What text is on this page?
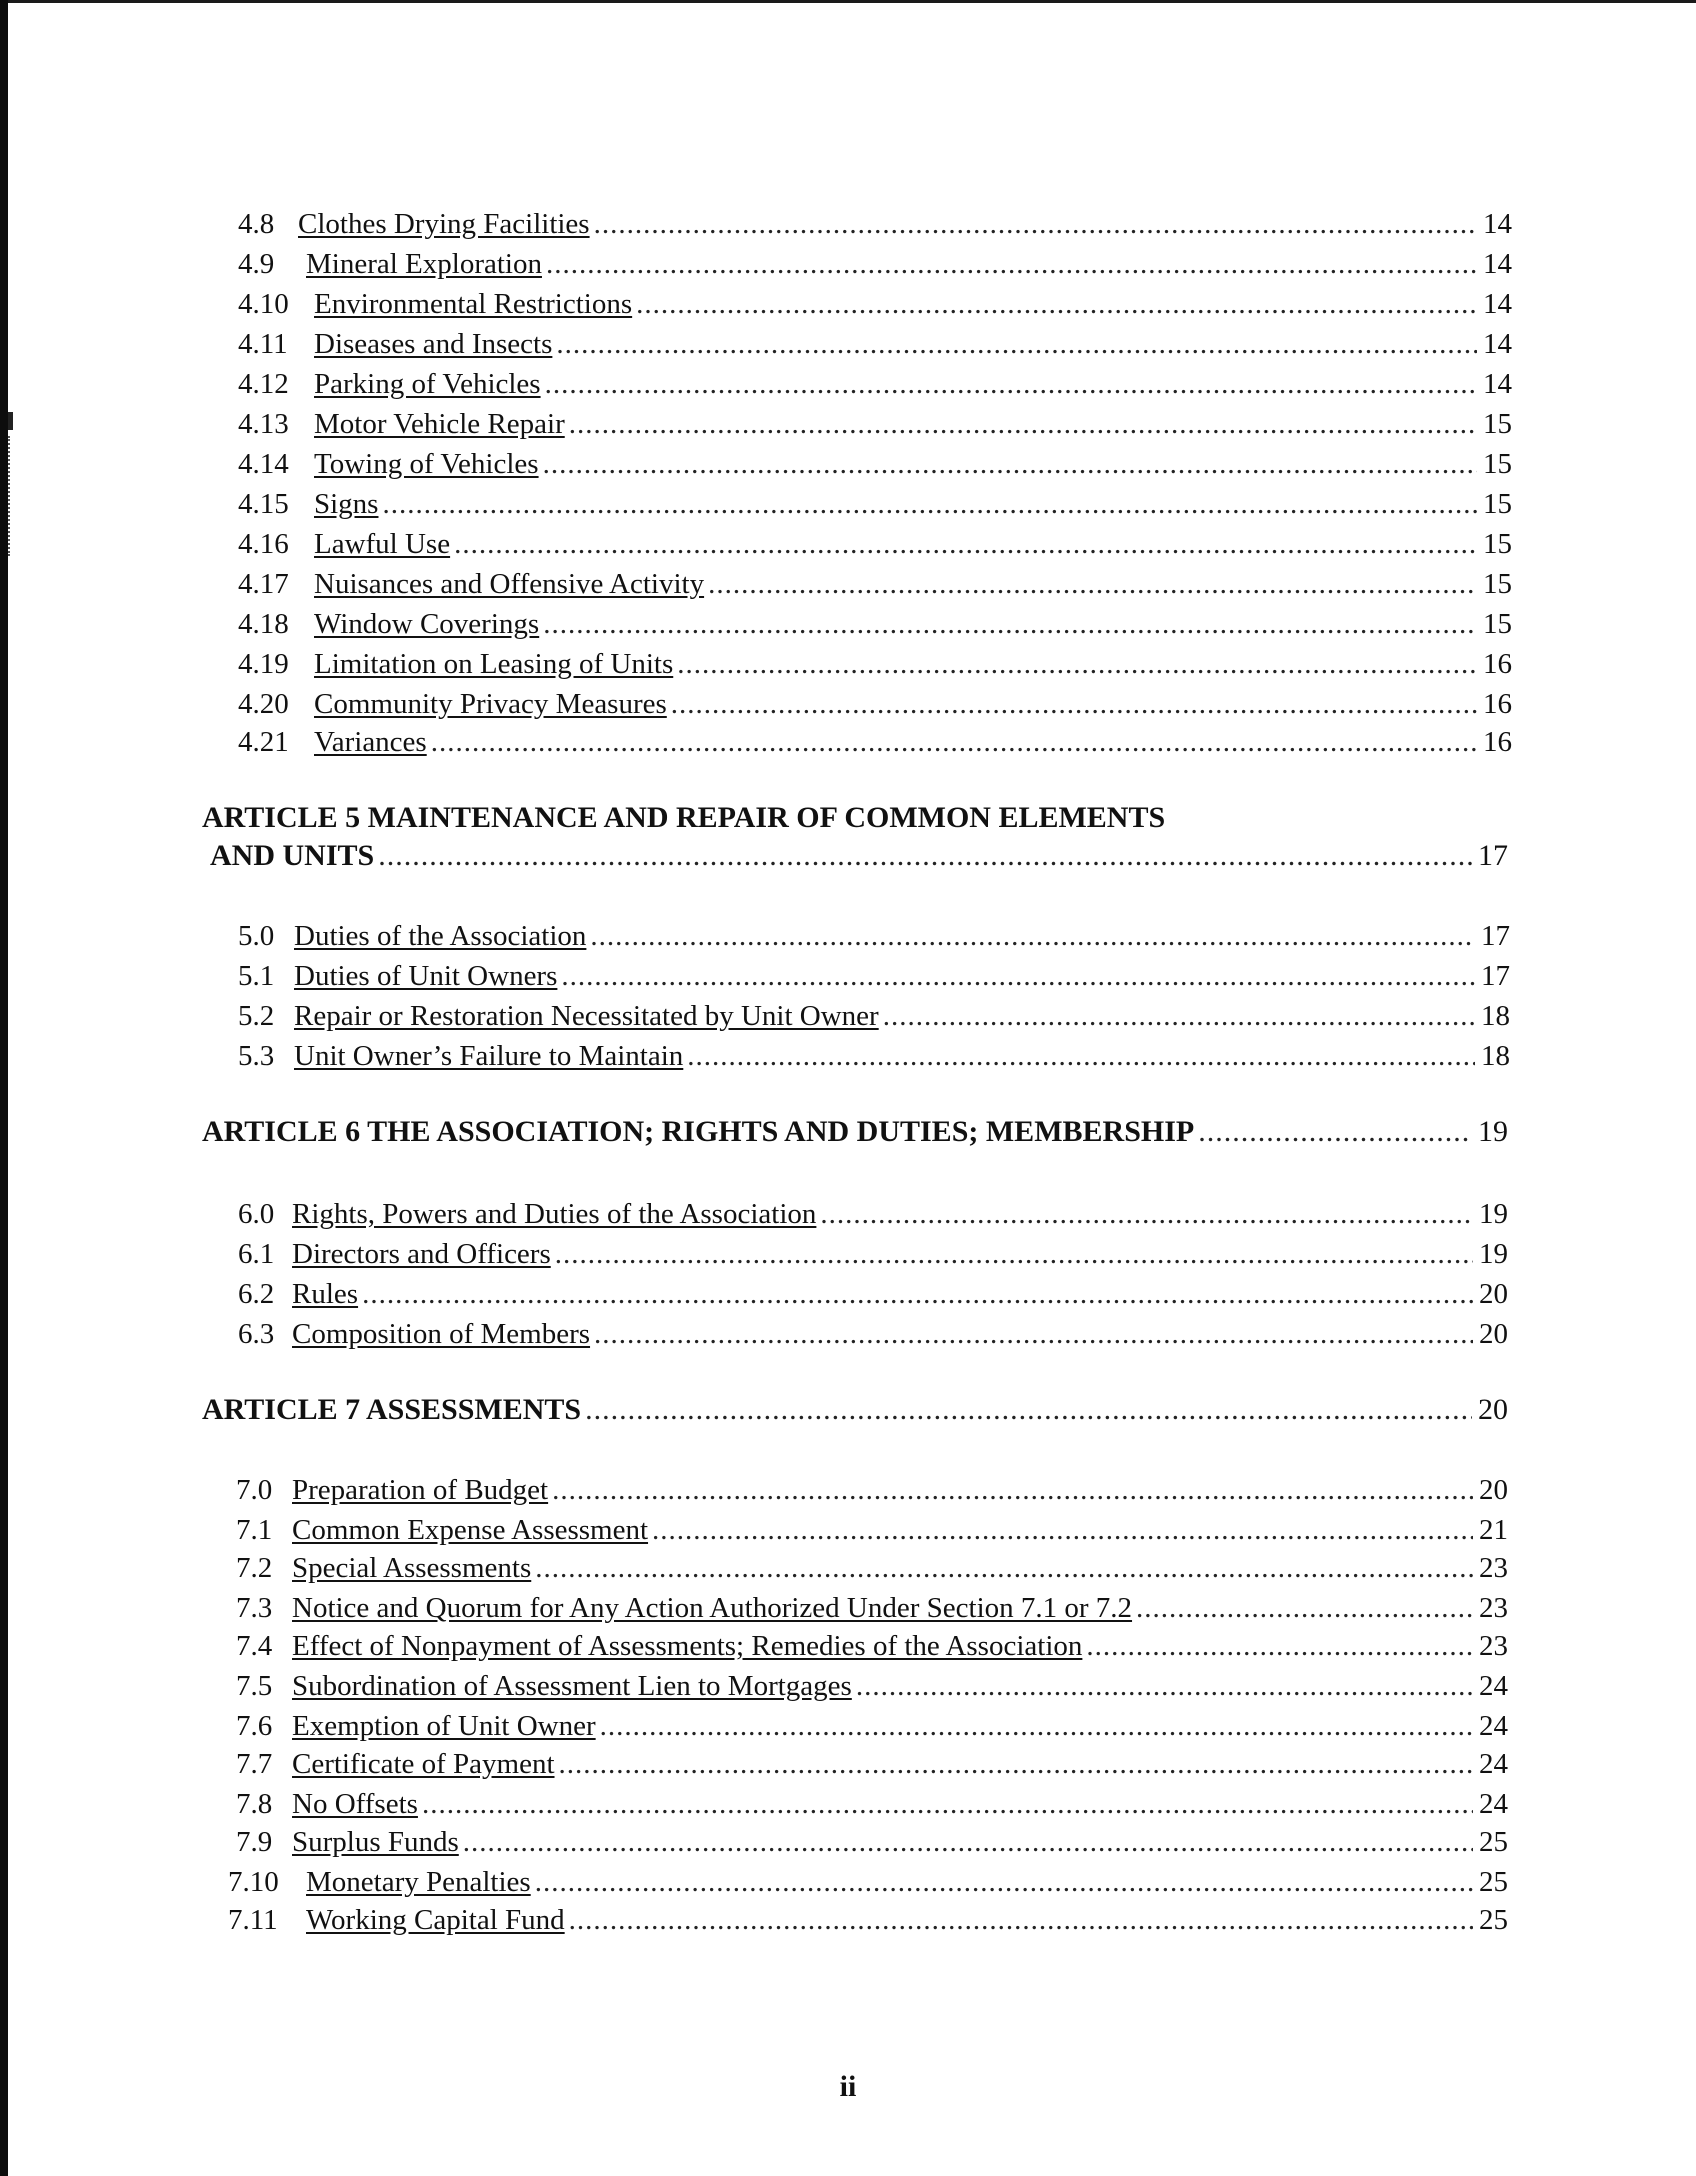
4.8 Clothes Drying Facilities .....	14
4.9	Mineral Exploration .....	14
4.10 Environmental Restrictions .....	14
4.11 Diseases and Insects .....	14
4.12 Parking of Vehicles .....	14
4.13 Motor Vehicle Repair .....	15
4.14 Towing of Vehicles .....	15
4.15 Signs .....	15
4.16 Lawful Use .....	15
4.17 Nuisances and Offensive Activity .....	15
4.18 Window Coverings .....	15
4.19 Limitation on Leasing of Units .....	16
4.20 Community Privacy Measures .....	16
4.21 Variances .....	16
ARTICLE 5 MAINTENANCE AND REPAIR OF COMMON ELEMENTS
AND UNITS .....	17
5.0 Duties of the Association .....	17
5.1 Duties of Unit Owners .....	17
5.2 Repair or Restoration Necessitated by Unit Owner .....	18
5.3 Unit Owner’s Failure to Maintain .....	18
ARTICLE 6 THE ASSOCIATION; RIGHTS AND DUTIES; MEMBERSHIP .....	19
6.0 Rights, Powers and Duties of the Association .....	19
6.1 Directors and Officers .....	19
6.2 Rules .....	20
6.3 Composition of Members .....	20
ARTICLE 7 ASSESSMENTS .....	20
7.0 Preparation of Budget .....	20
7.1 Common Expense Assessment .....	21
7.2 Special Assessments .....	23
7.3 Notice and Quorum for Any Action Authorized Under Section 7.1 or 7.2 .....	23
7.4 Effect of Nonpayment of Assessments; Remedies of the Association .....	23
7.5 Subordination of Assessment Lien to Mortgages .....	24
7.6 Exemption of Unit Owner .....	24
7.7 Certificate of Payment .....	24
7.8 No Offsets .....	24
7.9 Surplus Funds .....	25
7.10 Monetary Penalties .....	25
7.11 Working Capital Fund .....	25
ii
